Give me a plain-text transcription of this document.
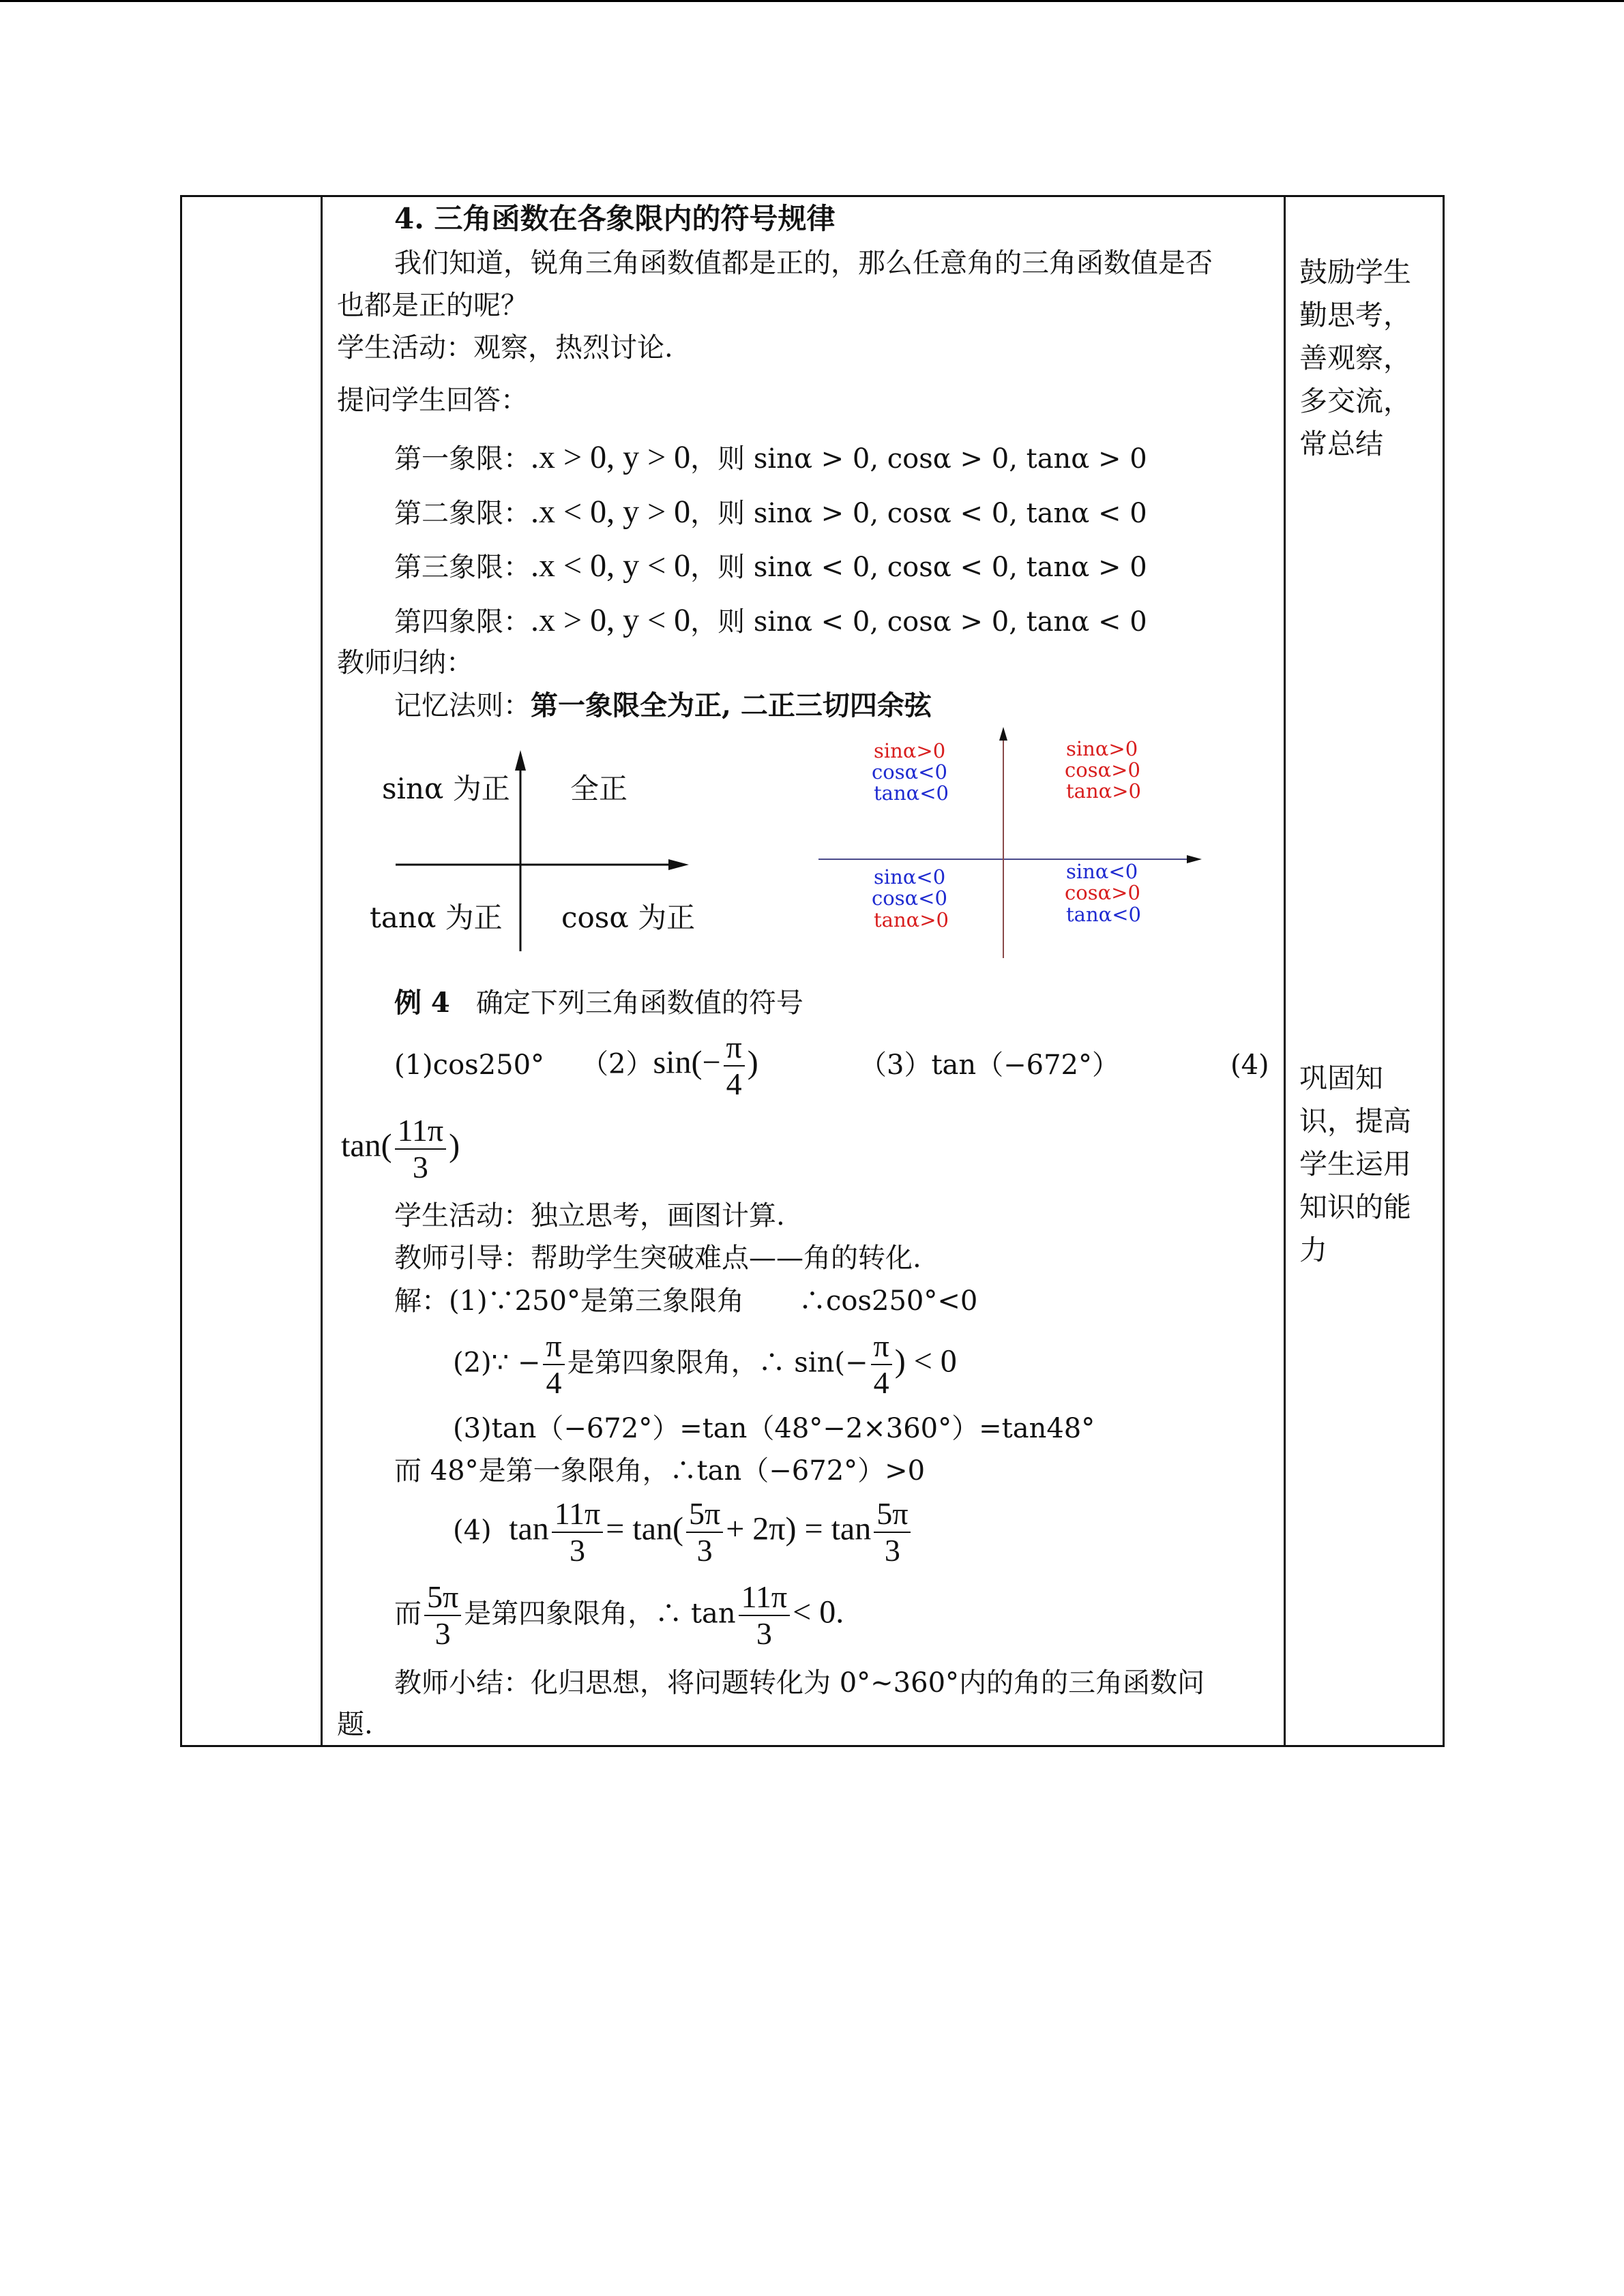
4. 三角函数在各象限内的符号规律
我们知道，锐角三角函数值都是正的，那么任意角的三角函数值是否
也都是正的呢？
学生活动：观察，热烈讨论.
提问学生回答：
第一象限：.x > 0, y > 0，则 sinα > 0, cosα > 0, tanα > 0
第二象限：.x < 0, y > 0，则 sinα > 0, cosα < 0, tanα < 0
第三象限：.x < 0, y < 0，则 sinα < 0, cosα < 0, tanα > 0
第四象限：.x > 0, y < 0，则 sinα < 0, cosα > 0, tanα < 0
教师归纳：
记忆法则：第一象限全为正, 二正三切四余弦
sinα 为正 全正
tanα 为正 cosα 为正
sinα>0
cosα<0
tanα<0
sinα>0
cosα>0
tanα>0
sinα<0
cosα<0
tanα>0
sinα<0
cosα>0
tanα<0
例 4 确定下列三角函数值的符号
(1)cos250° $(2)\sin(- \frac{\pi}{4}$ )	（3）tan（−672°）	(4)
$\tan( \frac{11\pi}{3}$ )
学生活动：独立思考，画图计算.
教师引导：帮助学生突破难点——角的转化.
解：(1)∵250°是第三象限角　　∴cos250°<0
(2)∵ − $\frac{\pi}{4}$ 是第四象限角，∴ $\sin(- \frac{\pi}{4}$ ) < 0
(3)tan（−672°）=tan（48°−2×360°）=tan48°
而 48°是第一象限角，∴tan（−672°）>0
(4) $\tan \frac{11\pi}{3} = \tan( \frac{5\pi}{3} + 2\pi) = \tan \frac{5\pi}{3}$
而 $\frac{5\pi}{3}$ 是第四象限角，∴ $\tan \frac{11\pi}{3} < 0$.
教师小结：化归思想，将问题转化为 0°~360°内的角的三角函数问
题.
鼓励学生
勤思考，
善观察，
多交流，
常总结
巩固知
识，提高
学生运用
知识的能
力
